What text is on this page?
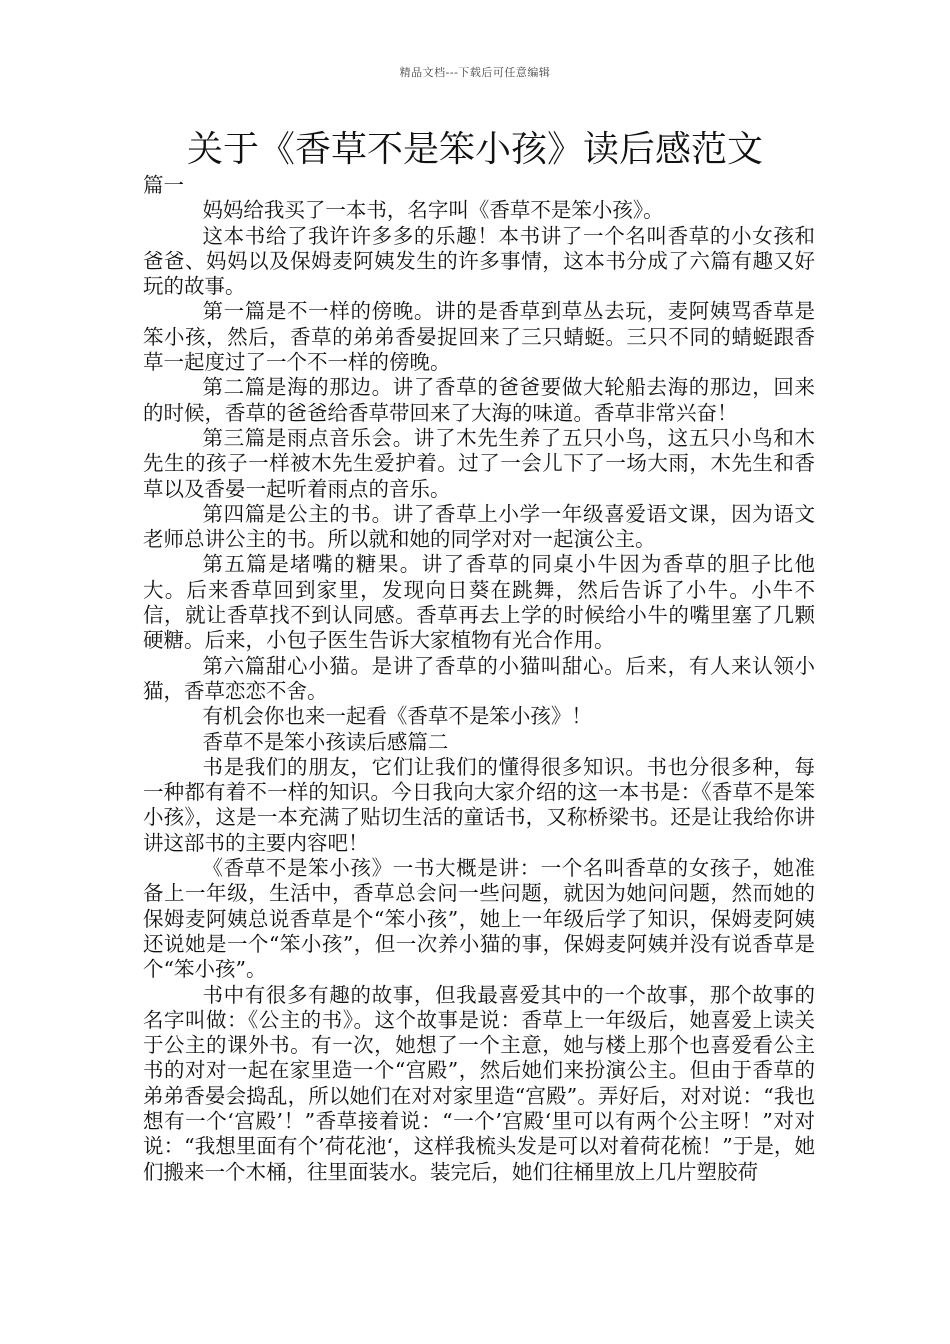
精品文档---下载后可任意编辑
关于《香草不是笨小孩》读后感范文

篇一

妈妈给我买了一本书，名字叫《香草不是笨小孩》。

这本书给了我许许多多的乐趣！本书讲了一个名叫香草的小女孩和爸爸、妈妈以及保姆麦阿姨发生的许多事情，这本书分成了六篇有趣又好玩的故事。

第一篇是不一样的傍晚。讲的是香草到草丛去玩，麦阿姨骂香草是笨小孩，然后，香草的弟弟香晏捉回来了三只蜻蜓。三只不同的蜻蜓跟香草一起度过了一个不一样的傍晚。

第二篇是海的那边。讲了香草的爸爸要做大轮船去海的那边，回来的时候，香草的爸爸给香草带回来了大海的味道。香草非常兴奋！

第三篇是雨点音乐会。讲了木先生养了五只小鸟，这五只小鸟和木先生的孩子一样被木先生爱护着。过了一会儿下了一场大雨，木先生和香草以及香晏一起听着雨点的音乐。

第四篇是公主的书。讲了香草上小学一年级喜爱语文课，因为语文老师总讲公主的书。所以就和她的同学对对一起演公主。

第五篇是堵嘴的糖果。讲了香草的同桌小牛因为香草的胆子比他大。后来香草回到家里，发现向日葵在跳舞，然后告诉了小牛。小牛不信，就让香草找不到认同感。香草再去上学的时候给小牛的嘴里塞了几颗硬糖。后来，小包子医生告诉大家植物有光合作用。

第六篇甜心小猫。是讲了香草的小猫叫甜心。后来，有人来认领小猫，香草恋恋不舍。

有机会你也来一起看《香草不是笨小孩》！

香草不是笨小孩读后感篇二

书是我们的朋友，它们让我们的懂得很多知识。书也分很多种，每一种都有着不一样的知识。今日我向大家介绍的这一本书是：《香草不是笨小孩》，这是一本充满了贴切生活的童话书，又称桥梁书。还是让我给你讲讲这部书的主要内容吧！

《香草不是笨小孩》一书大概是讲：一个名叫香草的女孩子，她准备上一年级，生活中，香草总会问一些问题，就因为她问问题，然而她的保姆麦阿姨总说香草是个“笨小孩”，她上一年级后学了知识，保姆麦阿姨还说她是一个“笨小孩”，但一次养小猫的事，保姆麦阿姨并没有说香草是个“笨小孩”。

书中有很多有趣的故事，但我最喜爱其中的一个故事，那个故事的名字叫做：《公主的书》。这个故事是说：香草上一年级后，她喜爱上读关于公主的课外书。有一次，她想了一个主意，她与楼上那个也喜爱看公主书的对对一起在家里造一个“宫殿”，然后她们来扮演公主。但由于香草的弟弟香晏会捣乱，所以她们在对对家里造“宫殿”。弄好后，对对说：“我也想有一个‘宫殿’！”香草接着说：“一个’宫殿‘里可以有两个公主呀！”对对说：“我想里面有个’荷花池‘，这样我梳头发是可以对着荷花梳！”于是，她们搬来一个木桶，往里面装水。装完后，她们往桶里放上几片塑胶荷
